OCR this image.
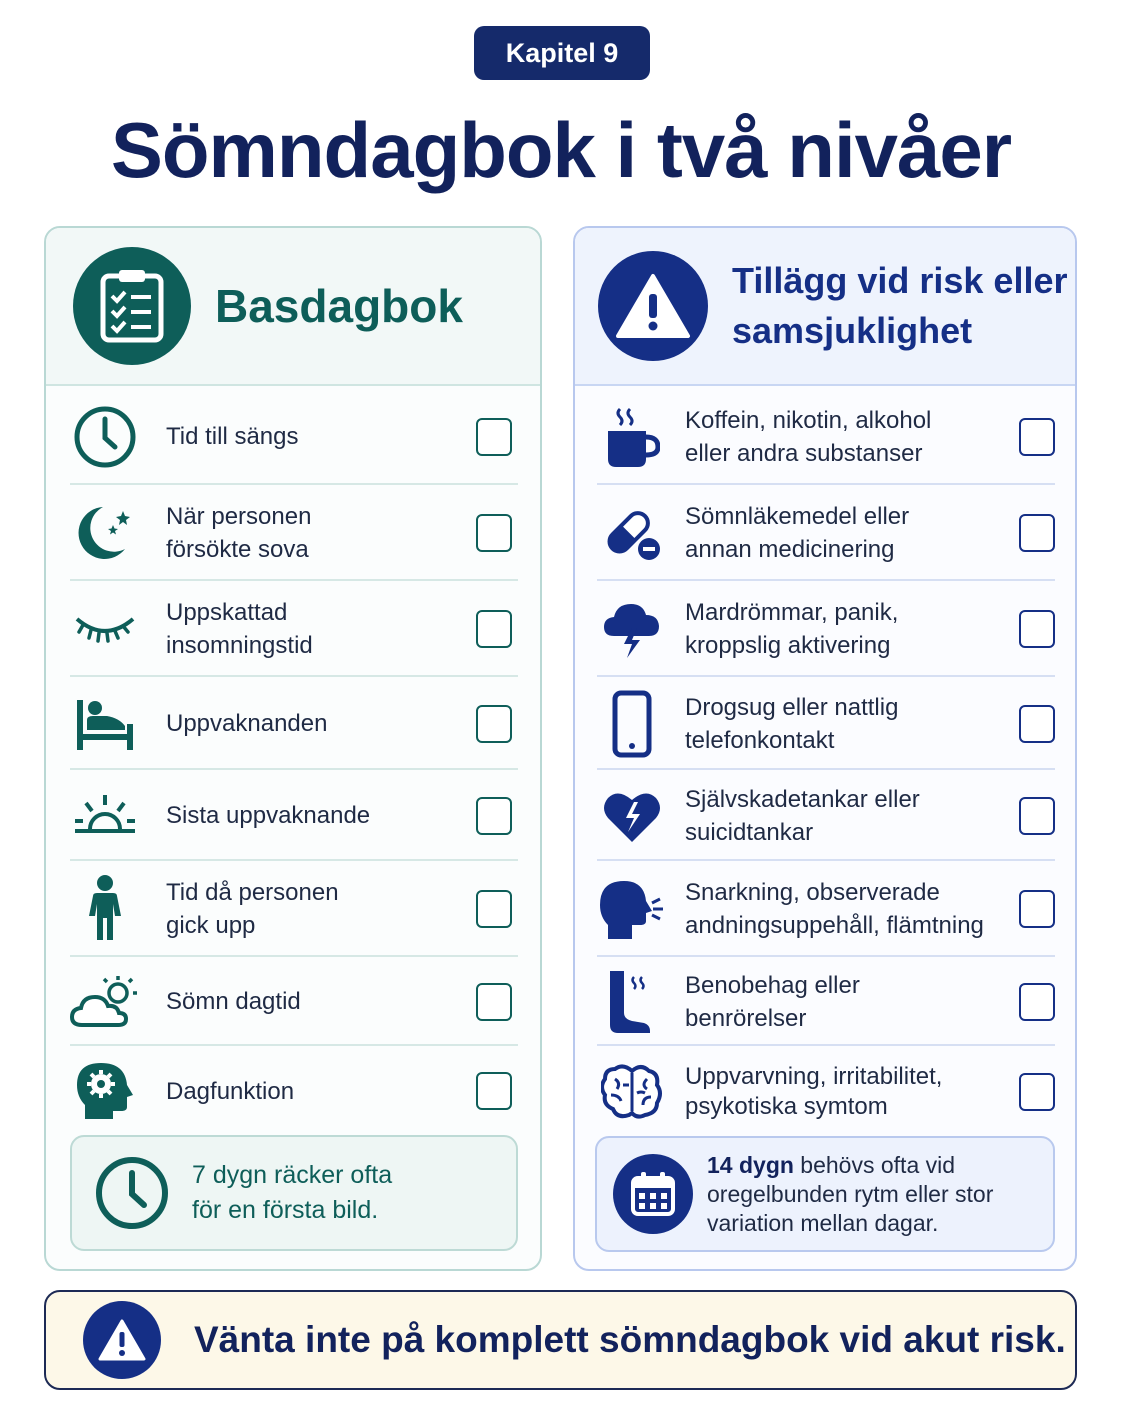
Kapitel 9
Sömndagbok i två nivåer
Basdagbok
Tid till sängs
När personen
försökte sova
Uppskattad
insomningstid
Uppvaknanden
Sista uppvaknande
Tid då personen
gick upp
Sömn dagtid
Dagfunktion
7 dygn räcker ofta
för en första bild.
Tillägg vid risk eller
samsjuklighet
Koffein, nikotin, alkohol
eller andra substanser
Sömnläkemedel eller
annan medicinering
Mardrömmar, panik,
kroppslig aktivering
Drogsug eller nattlig
telefonkontakt
Självskadetankar eller
suicidtankar
Snarkning, observerade
andningsuppehåll, flämtning
Benobehag eller
benrörelser
Uppvarvning, irritabilitet,
psykotiska symtom
14 dygn behövs ofta vid
oregelbunden rytm eller stor
variation mellan dagar.
Vänta inte på komplett sömndagbok vid akut risk.
